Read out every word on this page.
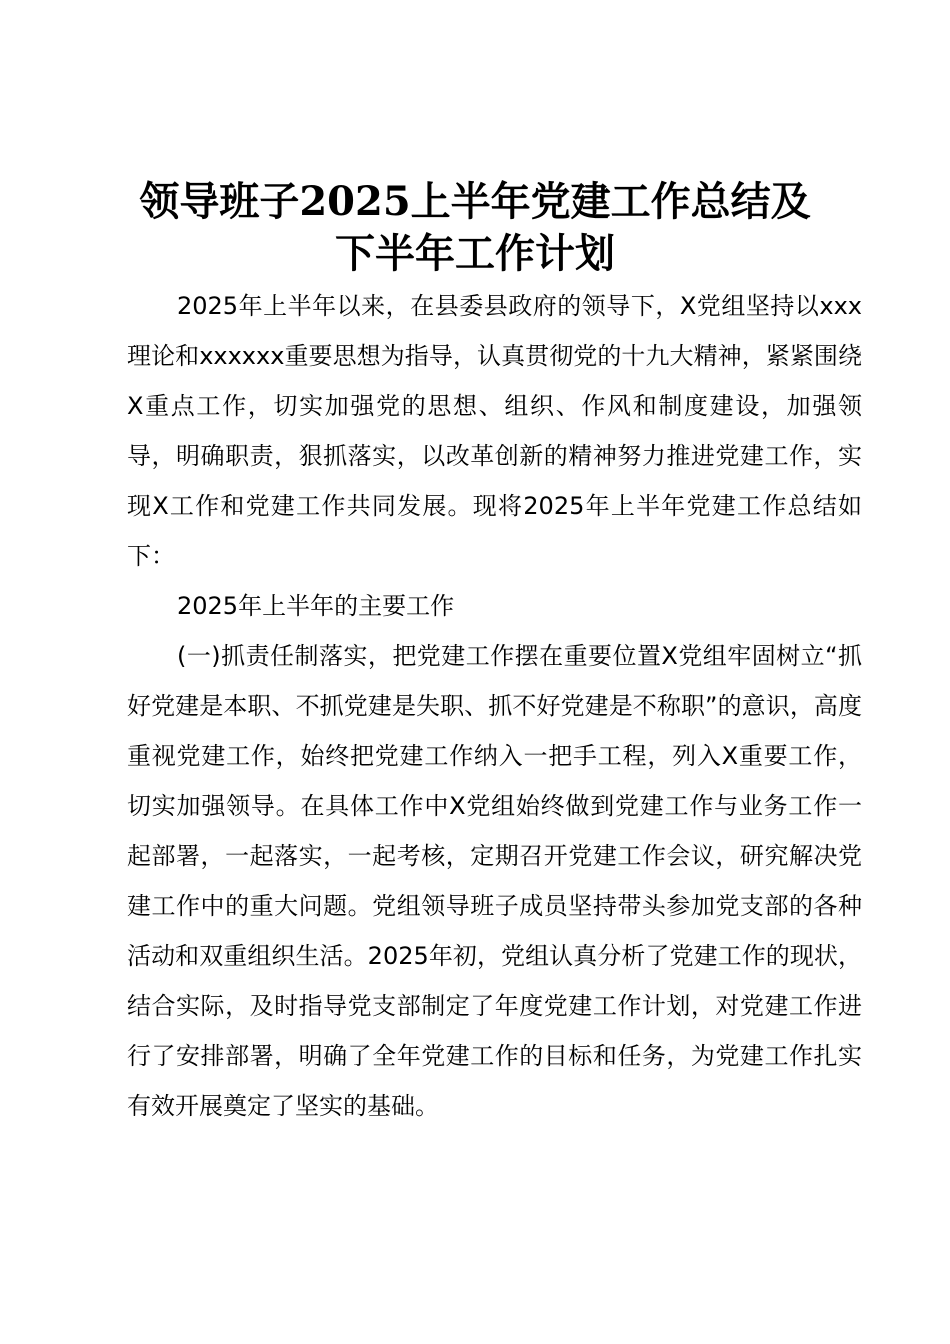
领导班子2025上半年党建工作总结及
下半年工作计划

2025年上半年以来，在县委县政府的领导下，X党组坚持以xxx理论和xxxxxx重要思想为指导，认真贯彻党的十九大精神，紧紧围绕X重点工作，切实加强党的思想、组织、作风和制度建设，加强领导，明确职责，狠抓落实，以改革创新的精神努力推进党建工作，实现X工作和党建工作共同发展。现将2025年上半年党建工作总结如下：

2025年上半年的主要工作

(一)抓责任制落实，把党建工作摆在重要位置X党组牢固树立“抓好党建是本职、不抓党建是失职、抓不好党建是不称职”的意识，高度重视党建工作，始终把党建工作纳入一把手工程，列入X重要工作，切实加强领导。在具体工作中X党组始终做到党建工作与业务工作一起部署，一起落实，一起考核，定期召开党建工作会议，研究解决党建工作中的重大问题。党组领导班子成员坚持带头参加党支部的各种活动和双重组织生活。2025年初，党组认真分析了党建工作的现状，结合实际，及时指导党支部制定了年度党建工作计划，对党建工作进行了安排部署，明确了全年党建工作的目标和任务，为党建工作扎实有效开展奠定了坚实的基础。
